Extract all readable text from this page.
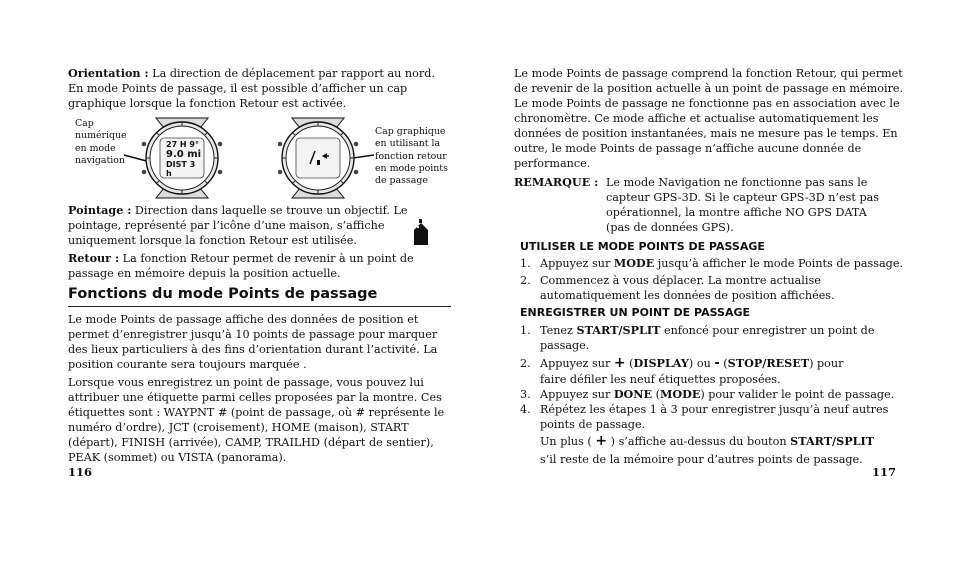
Orientation : La direction de déplacement par rapport au nord.
En mode Points de passage, il est possible d’afficher un cap
graphique lorsque la fonction Retour est activée.
Cap
numérique
en mode
navigation
Cap graphique
en utilisant la
fonction retour
en mode points
de passage
27 H 9°
9.0 mi
DIST 3 h
Pointage : Direction dans laquelle se trouve un objectif. Le
pointage, représenté par l’icône d’une maison, s’affiche
uniquement lorsque la fonction Retour est utilisée.
Retour : La fonction Retour permet de revenir à un point de
passage en mémoire depuis la position actuelle.
Fonctions du mode Points de passage
Le mode Points de passage affiche des données de position et
permet d’enregistrer jusqu’à 10 points de passage pour marquer
des lieux particuliers à des fins d’orientation durant l’activité. La
position courante sera toujours marquée .
Lorsque vous enregistrez un point de passage, vous pouvez lui
attribuer une étiquette parmi celles proposées par la montre. Ces
étiquettes sont : WAYPNT # (point de passage, où # représente le
numéro d’ordre), JCT (croisement), HOME (maison), START
(départ), FINISH (arrivée), CAMP, TRAILHD (départ de sentier),
PEAK (sommet) ou VISTA (panorama).
116
Le mode Points de passage comprend la fonction Retour, qui permet
de revenir de la position actuelle à un point de passage en mémoire.
Le mode Points de passage ne fonctionne pas en association avec le
chronomètre. Ce mode affiche et actualise automatiquement les
données de position instantanées, mais ne mesure pas le temps. En
outre, le mode Points de passage n’affiche aucune donnée de
performance.
REMARQUE : Le mode Navigation ne fonctionne pas sans le
capteur GPS-3D. Si le capteur GPS-3D n’est pas
opérationnel, la montre affiche NO GPS DATA
(pas de données GPS).
UTILISER LE MODE POINTS DE PASSAGE
1. Appuyez sur MODE jusqu’à afficher le mode Points de passage.
2. Commencez à vous déplacer. La montre actualise
automatiquement les données de position affichées.
ENREGISTRER UN POINT DE PASSAGE
1. Tenez START/SPLIT enfoncé pour enregistrer un point de
passage.
2. Appuyez sur + (DISPLAY) ou - (STOP/RESET) pour
faire défiler les neuf étiquettes proposées.
3. Appuyez sur DONE (MODE) pour valider le point de passage.
4. Répétez les étapes 1 à 3 pour enregistrer jusqu’à neuf autres
points de passage.
Un plus ( + ) s’affiche au-dessus du bouton START/SPLIT
s’il reste de la mémoire pour d’autres points de passage.
117
